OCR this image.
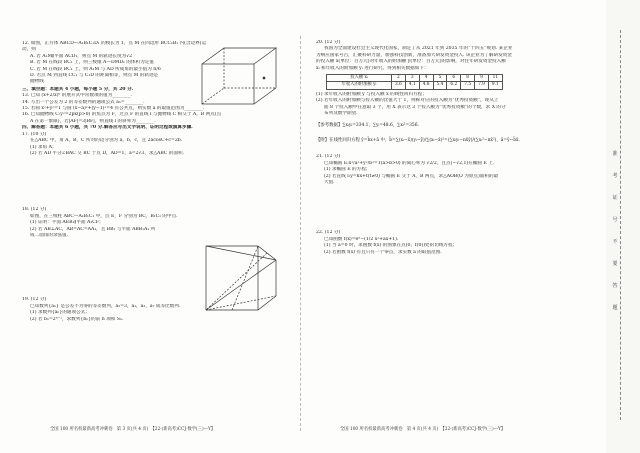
12. 如图，正方体 ABCD—A₁B₁C₁D₁ 的棱长为 1，点 M 在四边形 BCC₁B₁ 内(含边界)运
动，则
A. 若 A₁M∥平面 ACD₁，则点 M 的轨迹长度为√2
B. 若 M 在线段 BC₁ 上，则三棱锥 A—DMD₁ 的体积为定值
C. 若 M 在线段 BC₁ 上，则 A₁M 与 AD 所成角的最小值为 π/6
D. 若点 M 到直线 CC₁ 与 C₁D 的距离相等，则点 M 的轨迹是
抛物线
三、填空题：本题共 4 小题，每小题 5 分，共 20 分.
13. 已知 (x+2/x)⁶ 的展开式中常数项的值为________.
14. 写出一个公差为 2 的等差数列的通项公式 aₙ=________.
15. 若圆 x²+y²=1 与圆 (x−a)²+(y−1)²=4 有公共点，则实数 a 的取值范围为________.
16. 已知抛物线 C:y²=2px(p>0) 的焦点为 F，过点 F 的直线 l 与抛物线 C 相交于 A，B 两点(点
A 在第一象限)，若|AF|=3|BF|，则直线 l 的斜率为________.
四、解答题：本题共 6 小题，共 70 分.解答应写出文字说明、证明过程或演算步骤.
17. (10 分)
在△ABC 中，角 A，B，C 所对的边分别为 a，b，c，且 2acosC+c=2b.
(1) 求角 A；
(2) 若 AD 平分∠BAC 交 BC 于点 D，AD=1，a=2√3，求△ABC 的面积.
18. (12 分)
如图，在三棱柱 ABC—A₁B₁C₁ 中，点 E，F 分别为 BC，B₁C₁ 的中点.
(1) 证明：平面 AEB₁∥平面 A₁CF；
(2) 若 AB⊥AC，AB=AC=AA₁，且 BB₁ 与平面 ABB₁A₁ 所
成二面角的余弦值.
19. (12 分)
已知数列{aₙ} 是公差不为零的等差数列，a₂=3，a₁，a₃，a₇ 成等比数列.
(1) 求数列{aₙ}的通项公式；
(2) 若 bₙ=2ⁿ⁻¹，求数列{bₙ}的前 n 项和 Sₙ.
全国 100 所名校最新高考冲刺卷　第 3 页(共 4 页)　【22·(新高考)CCJ·数学(三)—Y】
20. (12 分)
我国为全面建设社会主义现代化国家，制定了从 2021 年到 2035 年的“十四五”规划. 某企业
为响应国家号召，汇聚科研力量，加强科技创新，准备加大研发资金投入. 该企业为了解研发资金
的投入额 x(单位：百万元)对年收入的附加额 y(单位：百万元)的影响，对往年研发资金投入额
xᵢ 和年收入的附加额 yᵢ 进行研究，得到相关数据如下：
投入额 xᵢ	2	3	4	5	6	8	9	11
年收入的附加额 yᵢ	3.6	4.1	4.8	5.4	6.2	7.5	7.9	9.1
(1) 求年收入的附加额 y 与投入额 x 的线性回归方程；
(2) 若年收入的附加额与投入额的比值大于 1，则称对应的投入额为“优秀投资额”，现从上
面 8 个投入额中任意取 3 个，用 X 表示这 3 个投入额为“优秀投资额”的个数，求 X 的分
布列及数学期望.
【参考数据】∑xᵢyᵢ=334.1，∑yᵢ=48.6，∑xᵢ²=356.
【附】在线性回归方程 ŷ=b̂x+â 中，b̂=∑(xᵢ−x̄)(yᵢ−ȳ)/∑(xᵢ−x̄)²=(∑xᵢyᵢ−nx̄ȳ)/(∑xᵢ²−nx̄²)，â=ȳ−b̂x̄.
21. (12 分)
已知椭圆 E:x²/a²+y²/b²=1(a>b>0) 的离心率为 √2/2，且点(−√2,1)在椭圆 E 上.
(1) 求椭圆 E 的方程；
(2) 若直线 l:y=kx+t(t≠0) 与椭圆 E 交于 A，B 两点，求△AOB(O 为原点)面积的最
大值.
22. (12 分)
已知函数 f(x)=eˣ−(1/2 x²+ax+1).
(1) 当 a=0 时，求函数 f(x) 的图象在点(0，f(0))处的切线方程；
(2) 若函数 f(x) 有且只有一个零点，求实数 a 的取值范围.
全国 100 所名校最新高考冲刺卷　第 4 页(共 4 页)　【22·(新高考)CCJ·数学(三)—Y】
准
考
证
号
不
要
答
题
